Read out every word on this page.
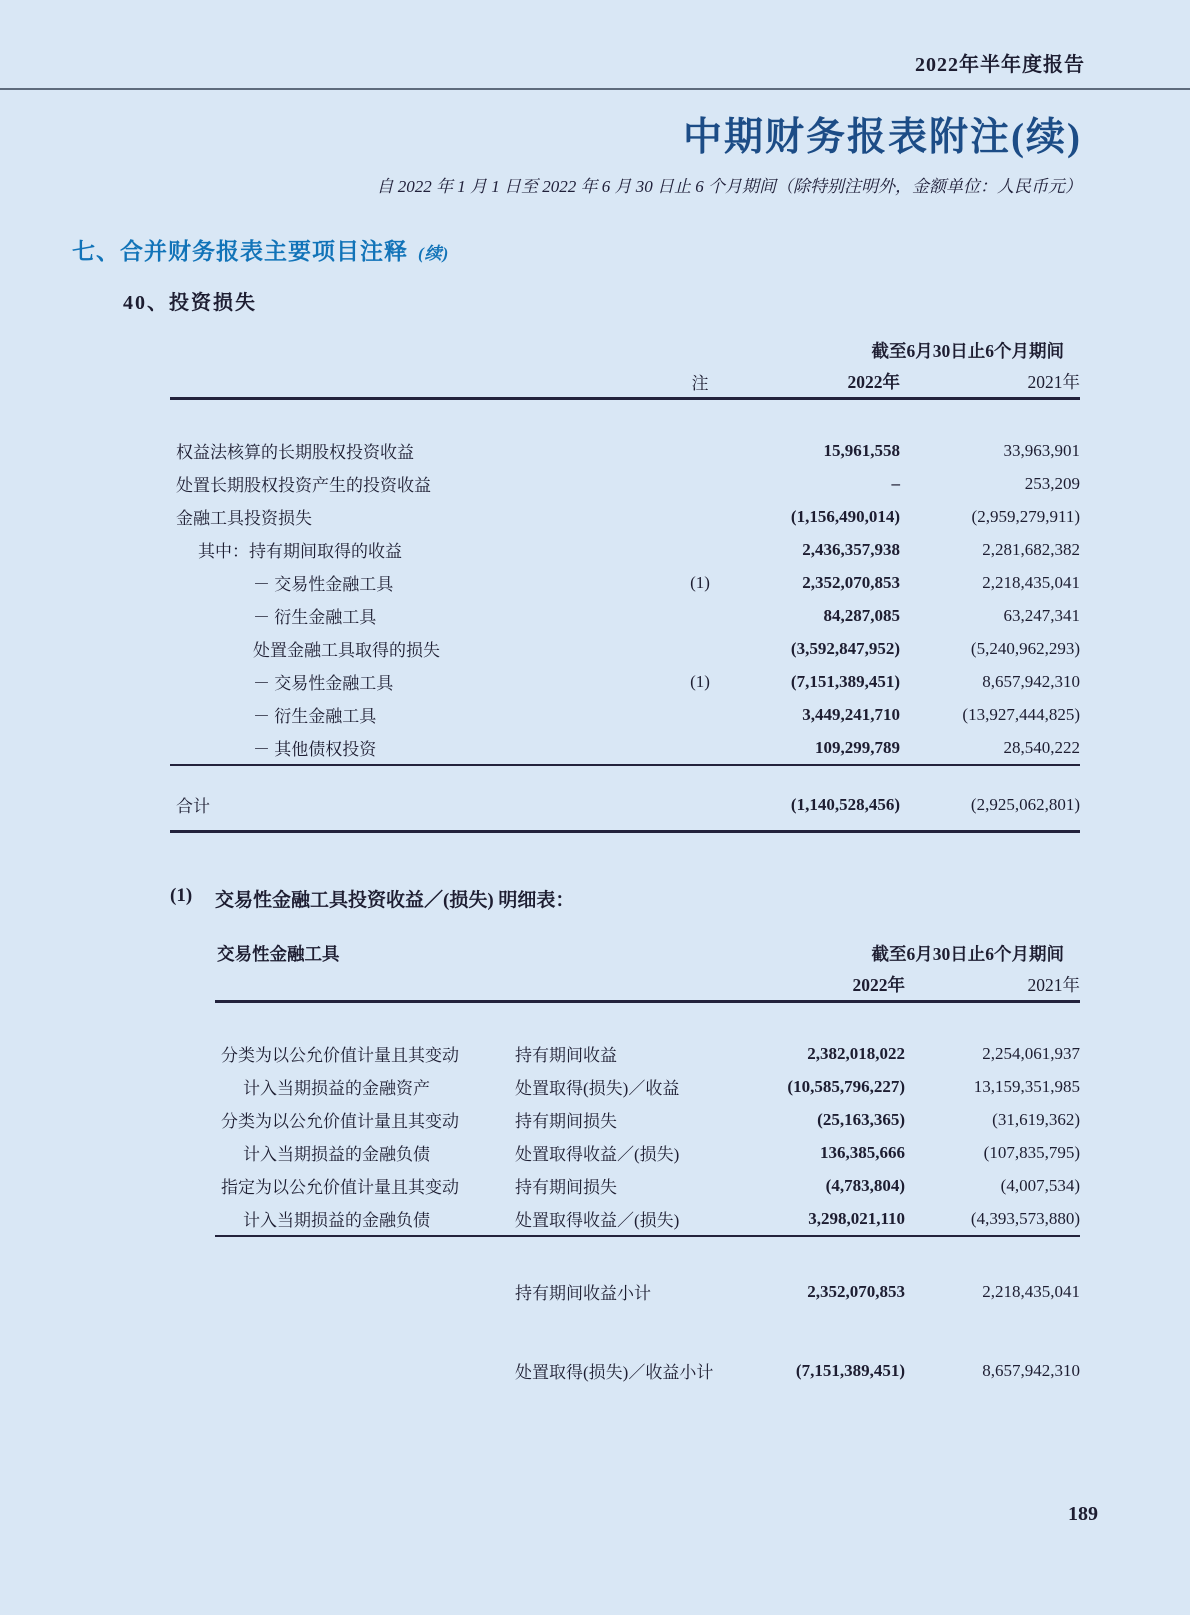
2022年半年度报告
中期财务报表附注(续)
自 2022 年 1 月 1 日至 2022 年 6 月 30 日止 6 个月期间（除特别注明外，金额单位：人民币元）
七、合并财务报表主要项目注释 (续)
40、投资损失
截至6月30日止6个月期间
注	2022年	2021年
权益法核算的长期股权投资收益	15,961,558	33,963,901
处置长期股权投资产生的投资收益	–	253,209
金融工具投资损失	(1,156,490,014)	(2,959,279,911)
其中：持有期间取得的收益	2,436,357,938	2,281,682,382
－ 交易性金融工具	(1)	2,352,070,853	2,218,435,041
－ 衍生金融工具	84,287,085	63,247,341
处置金融工具取得的损失	(3,592,847,952)	(5,240,962,293)
－ 交易性金融工具	(1)	(7,151,389,451)	8,657,942,310
－ 衍生金融工具	3,449,241,710	(13,927,444,825)
－ 其他债权投资	109,299,789	28,540,222
合计	(1,140,528,456)	(2,925,062,801)
(1)	交易性金融工具投资收益／(损失) 明细表：
交易性金融工具	截至6月30日止6个月期间
2022年	2021年
分类为以公允价值计量且其变动	持有期间收益	2,382,018,022	2,254,061,937
计入当期损益的金融资产	处置取得(损失)／收益	(10,585,796,227)	13,159,351,985
分类为以公允价值计量且其变动	持有期间损失	(25,163,365)	(31,619,362)
计入当期损益的金融负债	处置取得收益／(损失)	136,385,666	(107,835,795)
指定为以公允价值计量且其变动	持有期间损失	(4,783,804)	(4,007,534)
计入当期损益的金融负债	处置取得收益／(损失)	3,298,021,110	(4,393,573,880)
持有期间收益小计	2,352,070,853	2,218,435,041
处置取得(损失)／收益小计	(7,151,389,451)	8,657,942,310
189
